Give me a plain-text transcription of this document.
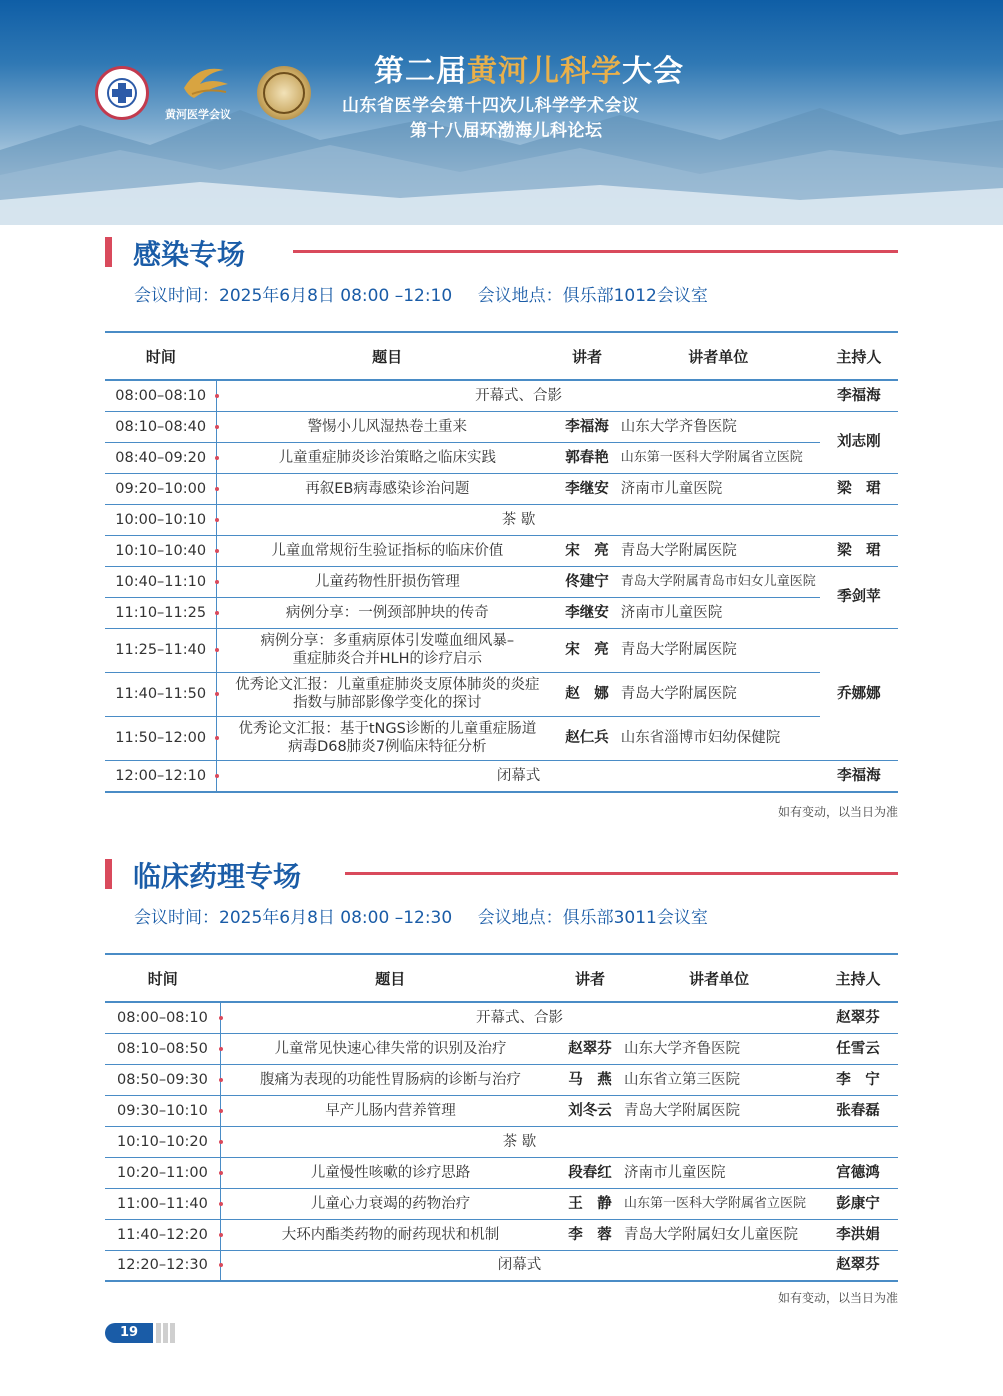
黄河医学会议
第二届黄河儿科学大会
山东省医学会第十四次儿科学学术会议
第十八届环渤海儿科论坛
感染专场
会议时间：2025年6月8日 08:00 –12:10 会议地点：俱乐部1012会议室
时间	题目	讲者	讲者单位	主持人
08:00–08:10	开幕式、合影			李福海
08:10–08:40	警惕小儿风湿热卷土重来	李福海	山东大学齐鲁医院	刘志刚
08:40–09:20	儿童重症肺炎诊治策略之临床实践	郭春艳	山东第一医科大学附属省立医院	
09:20–10:00	再叙EB病毒感染诊治问题	李继安	济南市儿童医院	梁　珺
10:00–10:10	茶 歇			
10:10–10:40	儿童血常规衍生验证指标的临床价值	宋　亮	青岛大学附属医院	梁　珺
10:40–11:10	儿童药物性肝损伤管理	佟建宁	青岛大学附属青岛市妇女儿童医院	季剑苹
11:10–11:25	病例分享：一例颈部肿块的传奇	李继安	济南市儿童医院	
11:25–11:40	病例分享：多重病原体引发噬血细风暴–
重症肺炎合并HLH的诊疗启示	宋　亮	青岛大学附属医院	乔娜娜
11:40–11:50	优秀论文汇报：儿童重症肺炎支原体肺炎的炎症
指数与肺部影像学变化的探讨	赵　娜	青岛大学附属医院	
11:50–12:00	优秀论文汇报：基于tNGS诊断的儿童重症肠道
病毒D68肺炎7例临床特征分析	赵仁兵	山东省淄博市妇幼保健院	
12:00–12:10	闭幕式			李福海
如有变动，以当日为准
临床药理专场
会议时间：2025年6月8日 08:00 –12:30 会议地点：俱乐部3011会议室
时间	题目	讲者	讲者单位	主持人
08:00–08:10	开幕式、合影			赵翠芬
08:10–08:50	儿童常见快速心律失常的识别及治疗	赵翠芬	山东大学齐鲁医院	任雪云
08:50–09:30	腹痛为表现的功能性胃肠病的诊断与治疗	马　燕	山东省立第三医院	李　宁
09:30–10:10	早产儿肠内营养管理	刘冬云	青岛大学附属医院	张春磊
10:10–10:20	茶 歇			
10:20–11:00	儿童慢性咳嗽的诊疗思路	段春红	济南市儿童医院	宫德鸿
11:00–11:40	儿童心力衰竭的药物治疗	王　静	山东第一医科大学附属省立医院	彭康宁
11:40–12:20	大环内酯类药物的耐药现状和机制	李　蓉	青岛大学附属妇女儿童医院	李洪娟
12:20–12:30	闭幕式			赵翠芬
如有变动，以当日为准
19
